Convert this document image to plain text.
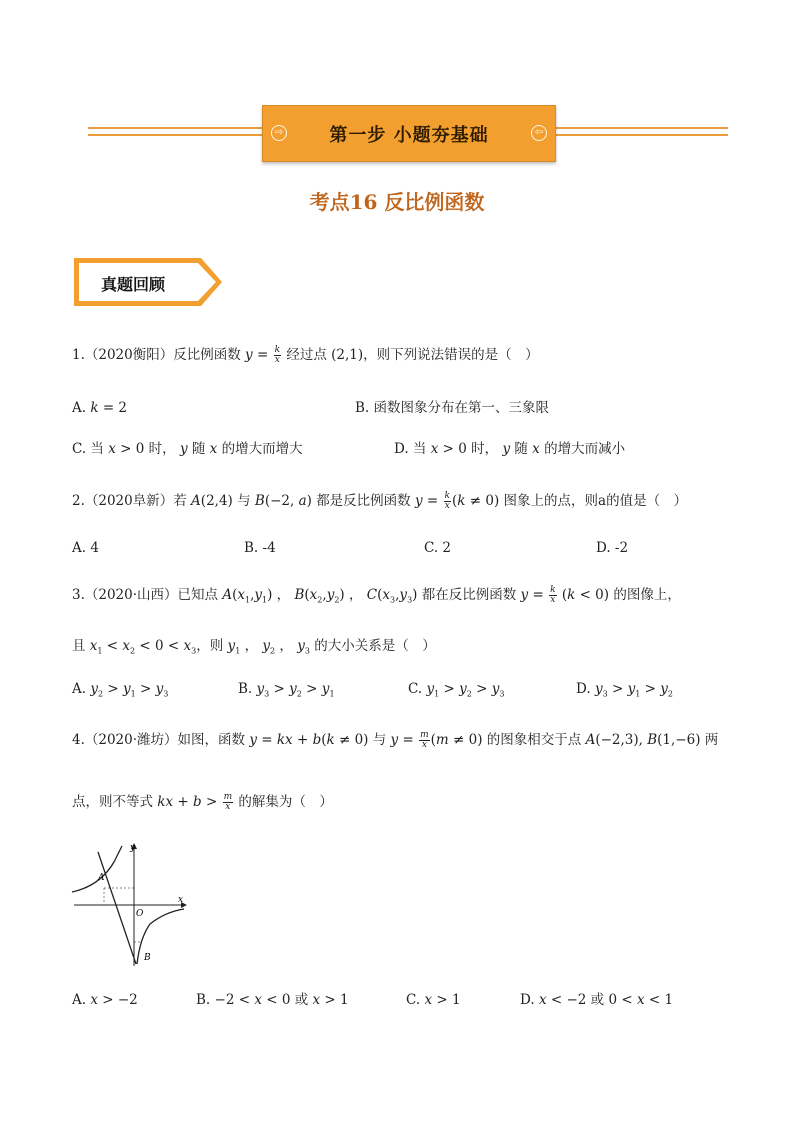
⇨	第一步 小题夯基础	⇦
考点16 反比例函数
真题回顾
1.（2020衡阳）反比例函数 $y = \frac{k}{x}$ 经过点 (2,1)，则下列说法错误的是（　）
A. k = 2	B. 函数图象分布在第一、三象限
C. 当 x > 0 时， y 随 x 的增大而增大	D. 当 x > 0 时， y 随 x 的增大而减小
2.（2020阜新）若 A(2,4) 与 B(−2, a) 都是反比例函数 $y = \frac{k}{x} (k \ne 0)$ 图象上的点，则a的值是（　）
A. 4	B. -4	C. 2	D. -2
3.（2020·山西）已知点 $A(x_1,y_1)$ ， $B(x_2,y_2)$ ， $C(x_3,y_3)$ 都在反比例函数 $y = \frac{k}{x} (k < 0)$ 的图像上，
且 $x_1 < x_2 < 0 < x_3$，则 $y_1$ ， $y_2$ ， $y_3$ 的大小关系是（　）
A. $y_2 > y_1 > y_3$	B. $y_3 > y_2 > y_1$	C. $y_1 > y_2 > y_3$	D. $y_3 > y_1 > y_2$
4.（2020·潍坊）如图，函数 y = kx + b(k ≠ 0) 与 $y = \frac{m}{x} (m \ne 0)$ 的图象相交于点 A(−2,3), B(1,−6) 两
点，则不等式 kx + $b > \frac{m}{x}$ 的解集为（　）
y
x
O
A
B
A. x > −2	B. −2 < x < 0 或 x > 1	C. x > 1	D. x < −2 或 0 < x < 1
